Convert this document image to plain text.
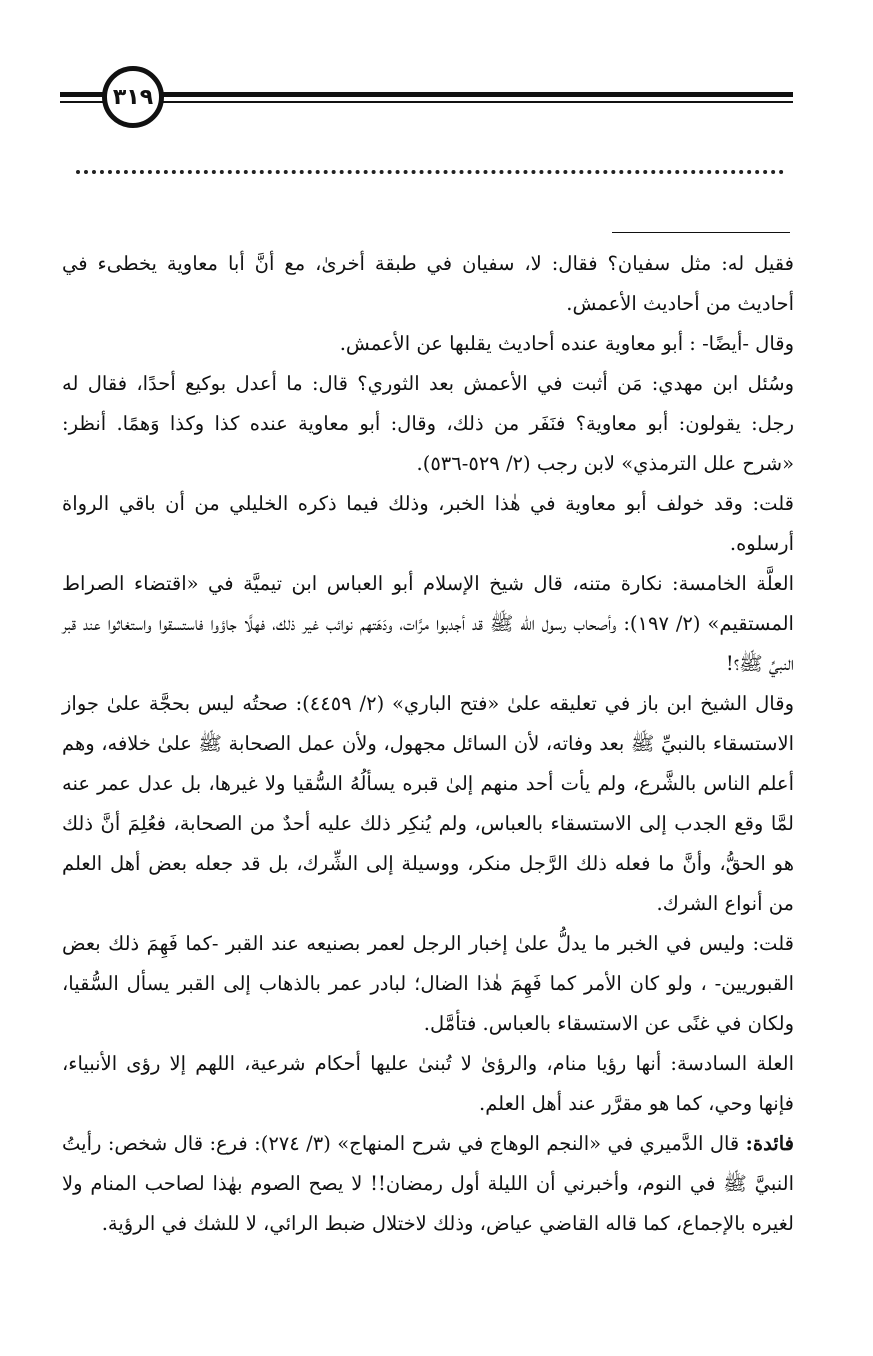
٣١٩

فقيل له: مثل سفيان؟ فقال: لا، سفيان في طبقة أخرىٰ، مع أنَّ أبا معاوية يخطىء في أحاديث من أحاديث الأعمش.

وقال -أيضًا- : أبو معاوية عنده أحاديث يقلبها عن الأعمش.

وسُئل ابن مهدي: مَن أثبت في الأعمش بعد الثوري؟ قال: ما أعدل بوكيع أحدًا، فقال له رجل: يقولون: أبو معاوية؟ فنَفَر من ذلك، وقال: أبو معاوية عنده كذا وكذا وَهمًا. أنظر: «شرح علل الترمذي» لابن رجب (٢/ ٥٢٩-٥٣٦).

قلت: وقد خولف أبو معاوية في هٰذا الخبر، وذلك فيما ذكره الخليلي من أن باقي الرواة أرسلوه.

العلَّة الخامسة: نكارة متنه، قال شيخ الإسلام أبو العباس ابن تيميَّة في «اقتضاء الصراط المستقيم» (٢/ ١٩٧): وأصحاب رسول الله ﷺ قد أجدبوا مرَّات، ودَهَتهم نوائب غير ذلك، فهلَّا جاؤوا فاستسقوا واستغاثوا عند قبر النبيِّ ﷺ؟!

وقال الشيخ ابن باز في تعليقه علىٰ «فتح الباري» (٢/ ٤٤٥٩): صحتُه ليس بحجَّة علىٰ جواز الاستسقاء بالنبيِّ ﷺ بعد وفاته، لأن السائل مجهول، ولأن عمل الصحابة ﷺ علىٰ خلافه، وهم أعلم الناس بالشَّرع، ولم يأت أحد منهم إلىٰ قبره يسألُهُ السُّقيا ولا غيرها، بل عدل عمر عنه لمَّا وقع الجدب إلى الاستسقاء بالعباس، ولم يُنكِر ذلك عليه أحدٌ من الصحابة، فعُلِمَ أنَّ ذلك هو الحقُّ، وأنَّ ما فعله ذلك الرَّجل منكر، ووسيلة إلى الشِّرك، بل قد جعله بعض أهل العلم من أنواع الشرك.

قلت: وليس في الخبر ما يدلُّ علىٰ إخبار الرجل لعمر بصنيعه عند القبر -كما فَهِمَ ذلك بعض القبوريين- ، ولو كان الأمر كما فَهِمَ هٰذا الضال؛ لبادر عمر بالذهاب إلى القبر يسأل السُّقيا، ولكان في غنًى عن الاستسقاء بالعباس. فتأمَّل.

العلة السادسة: أنها رؤيا منام، والرؤىٰ لا تُبنىٰ عليها أحكام شرعية، اللهم إلا رؤى الأنبياء، فإنها وحي، كما هو مقرَّر عند أهل العلم.

فائدة: قال الدَّميري في «النجم الوهاج في شرح المنهاج» (٣/ ٢٧٤): فرع: قال شخص: رأيتُ النبيَّ ﷺ في النوم، وأخبرني أن الليلة أول رمضان!! لا يصح الصوم بهٰذا لصاحب المنام ولا لغيره بالإجماع، كما قاله القاضي عياض، وذلك لاختلال ضبط الرائي، لا للشك في الرؤية.
